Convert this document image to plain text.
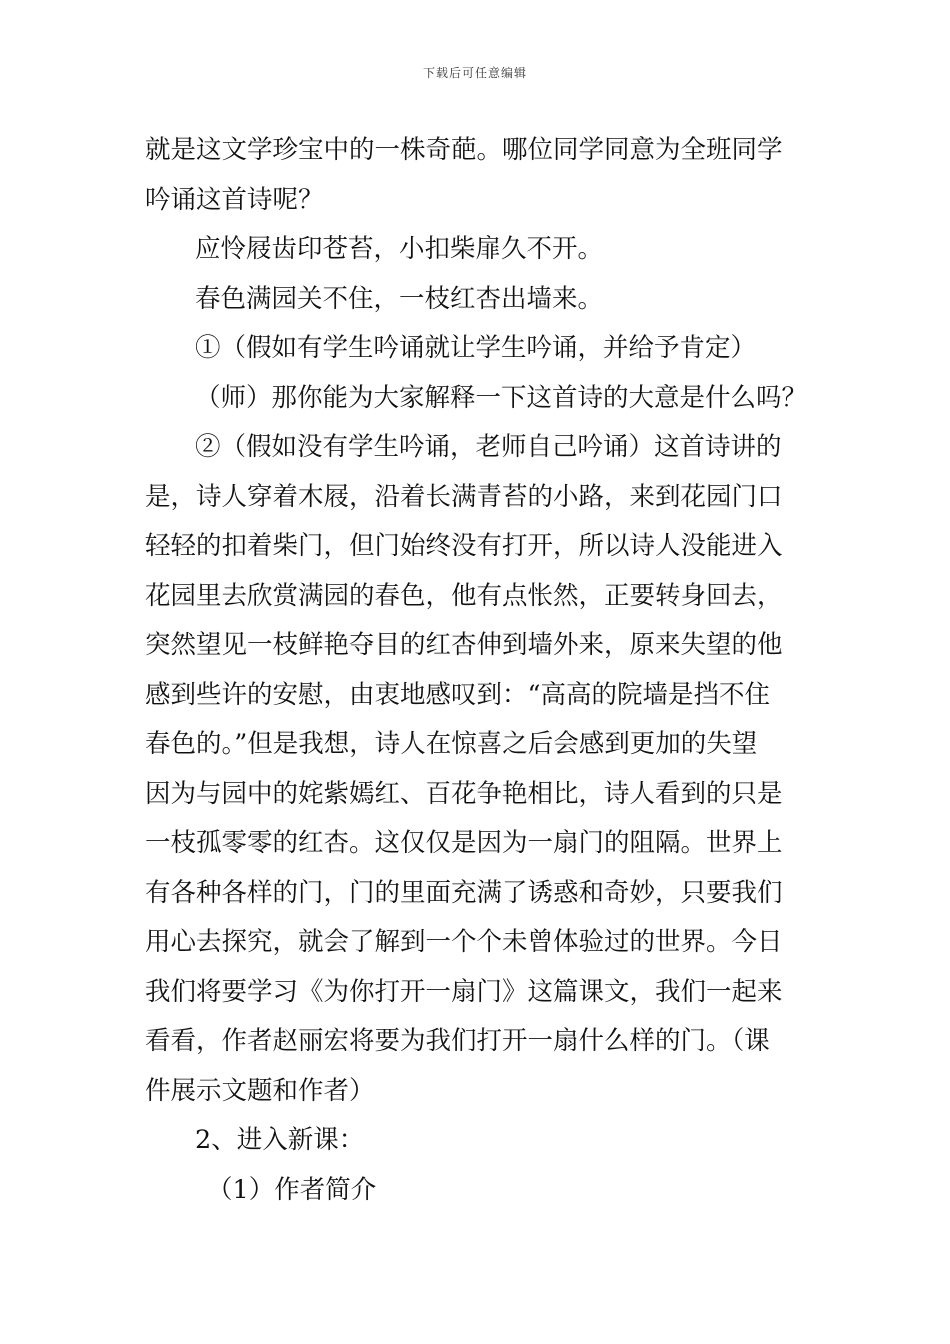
下载后可任意编辑
就是这文学珍宝中的一株奇葩。哪位同学同意为全班同学
吟诵这首诗呢？
应怜屐齿印苍苔，小扣柴扉久不开。
春色满园关不住，一枝红杏出墙来。
①（假如有学生吟诵就让学生吟诵，并给予肯定）
（师）那你能为大家解释一下这首诗的大意是什么吗？
②（假如没有学生吟诵，老师自己吟诵）这首诗讲的
是，诗人穿着木屐，沿着长满青苔的小路，来到花园门口
轻轻的扣着柴门，但门始终没有打开，所以诗人没能进入
花园里去欣赏满园的春色，他有点怅然，正要转身回去，
突然望见一枝鲜艳夺目的红杏伸到墙外来，原来失望的他
感到些许的安慰，由衷地感叹到：“高高的院墙是挡不住
春色的。”但是我想，诗人在惊喜之后会感到更加的失望
因为与园中的姹紫嫣红、百花争艳相比，诗人看到的只是
一枝孤零零的红杏。这仅仅是因为一扇门的阻隔。世界上
有各种各样的门，门的里面充满了诱惑和奇妙，只要我们
用心去探究，就会了解到一个个未曾体验过的世界。今日
我们将要学习《为你打开一扇门》这篇课文，我们一起来
看看，作者赵丽宏将要为我们打开一扇什么样的门。（课
件展示文题和作者）
2、进入新课：
（1）作者简介
